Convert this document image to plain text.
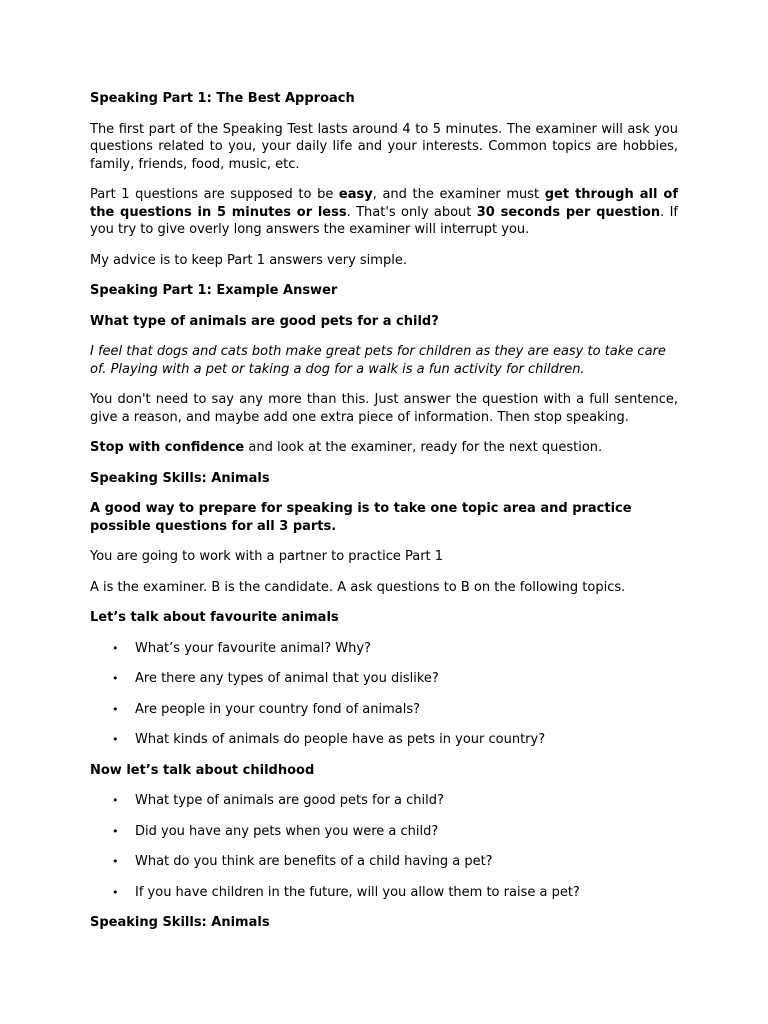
Speaking Part 1: The Best Approach

The first part of the Speaking Test lasts around 4 to 5 minutes. The examiner will ask you questions related to you, your daily life and your interests. Common topics are hobbies, family, friends, food, music, etc.

Part 1 questions are supposed to be easy, and the examiner must get through all of the questions in 5 minutes or less. That's only about 30 seconds per question. If you try to give overly long answers the examiner will interrupt you.

My advice is to keep Part 1 answers very simple.

Speaking Part 1: Example Answer
What type of animals are good pets for a child?

I feel that dogs and cats both make great pets for children as they are easy to take care of. Playing with a pet or taking a dog for a walk is a fun activity for children.

You don't need to say any more than this. Just answer the question with a full sentence, give a reason, and maybe add one extra piece of information. Then stop speaking.

Stop with confidence and look at the examiner, ready for the next question.

Speaking Skills: Animals
A good way to prepare for speaking is to take one topic area and practice possible questions for all 3 parts.

You are going to work with a partner to practice Part 1

A is the examiner. B is the candidate. A ask questions to B on the following topics.

Let’s talk about favourite animals
• What’s your favourite animal? Why?
• Are there any types of animal that you dislike?
• Are people in your country fond of animals?
• What kinds of animals do people have as pets in your country?
Now let’s talk about childhood
• What type of animals are good pets for a child?
• Did you have any pets when you were a child?
• What do you think are benefits of a child having a pet?
• If you have children in the future, will you allow them to raise a pet?
Speaking Skills: Animals
